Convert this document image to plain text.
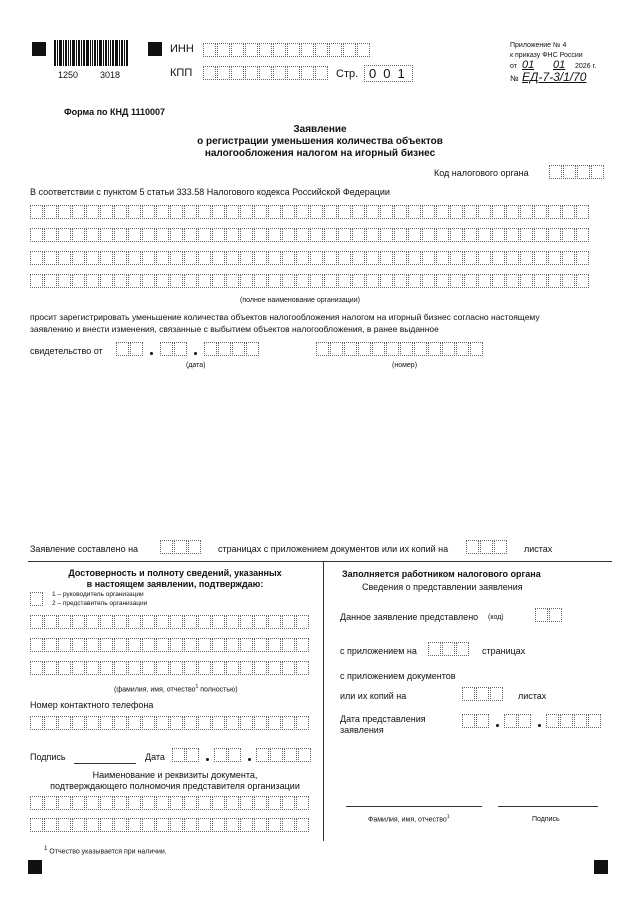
1250 3018
ИНН
КПП	Стр. 001
Приложение № 4
к приказу ФНС России
от 01 01 2026 г.
№ ЕД-7-3/1/70
Форма по КНД 1110007
Заявление
о регистрации уменьшения количества объектов
налогообложения налогом на игорный бизнес
Код налогового органа
В соответствии с пунктом 5 статьи 333.58 Налогового кодекса Российской Федерации
(полное наименование организации)
просит зарегистрировать уменьшение количества объектов налогообложения налогом на игорный бизнес согласно настоящему
заявлению и внести изменения, связанные с выбытием объектов налогообложения, в ранее выданное
свидетельство от
(дата)	(номер)
Заявление составлено на	страницах с приложением документов или их копий на	листах
Достоверность и полноту сведений, указанных
в настоящем заявлении, подтверждаю:
1 – руководитель организации
2 – представитель организации
(фамилия, имя, отчество$^1$ полностью)
Номер контактного телефона
Подпись	Дата
Наименование и реквизиты документа,
подтверждающего полномочия представителя организации
$^1$ Отчество указывается при наличии.
Заполняется работником налогового органа
Сведения о представлении заявления
Данное заявление представлено (код)
с приложением на	страницах
с приложением документов
или их копий на	листах
Дата представления
заявления
Фамилия, имя, отчество$^1$	Подпись
